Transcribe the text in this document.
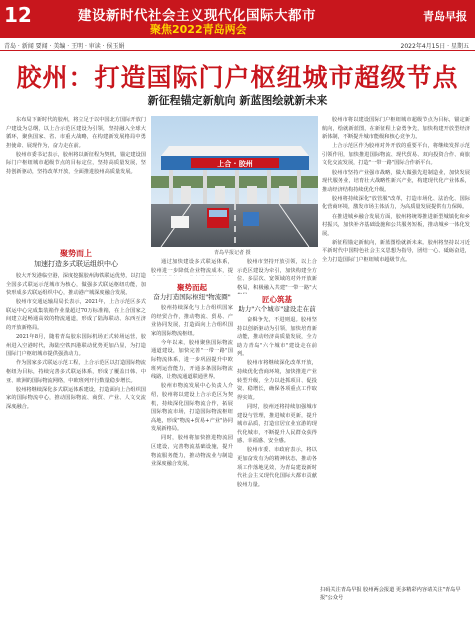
12	建设新时代社会主义现代化国际大都市
聚焦2022青岛两会
青岛早报
青岛 · 新闻 要闻 · 美编 · 王明 · 审读 · 侯玉娟	2022年4月15日 · 星期五
胶州：打造国际门户枢纽城市超级节点
新征程锚定新航向 新蓝图绘就新未来

东布局下新时代的胶州，将立足于以中国北方国际开放门户建设为总纲，以上合示范区建设为引领，坚持融入全球大循环，聚焦国家、省、市重大战略，在构建新发展格局中勇担使命、展现作为，奋力走在前。

胶州市委书记表示，胶州将以新征程为契机，锚定建设国际门户枢纽城市超级节点的目标定位，坚持高质量发展，坚持创新驱动，坚持改革开放，全面推进胶州高质量发展。

聚势而上
加速打造多式联运组织中心

胶大开发港临空港，深度挖掘胶州海铁联运优势，以打造全国多式联运示范城市为核心，做强多式联运枢纽功能，加快形成多式联运组织中心，推动港产城深度融合发展。

胶州市交通运输局局长表示，2021年，上合示范区多式联运中心完成集装箱作业量超过70万标准箱，在上合国家之间建立起畅通高效的物流通道，形成了陆海联动、东西互济的开放新格局。

2021年8月，随着青岛胶东国际机场正式转场运营，胶州进入空港时代，海陆空铁四港联动优势更加凸显，为打造国际门户枢纽城市提供强劲动力。

作为国家多式联运示范工程，上合示范区以打造国际物流枢纽为目标，持续完善多式联运体系，形成了覆盖日韩、中亚、欧洲的国际物流网络，中欧班列开行数量稳步增长。

胶州将继续深化多式联运体系建设，打造面向上合组织国家的国际物流中心，推动国际物流、商贸、产业、人文交流深度融合。

上合 · 胶州
青岛早报记者 摄

通过加快建设多式联运体系，胶州进一步降低企业物流成本，提

聚势而起
奋力打造国际枢纽"物流圈"

胶州持续深化与上合组织国家的经贸合作，推动物流、贸易、产业协同发展，打造面向上合组织国家的国际物流枢纽。

今年以来，胶州聚焦国际物流通道建设，加快完善"一带一路"国际物流体系，进一步巩固提升中欧班列运营能力，开通多条国际物流线路，让物流通道联通世界。

胶州市物流发展中心负责人介绍，胶州将以建设上合示范区为契机，持续深化国际物流合作，拓展国际物流市场，打造国际物流枢纽高地，形成"物流+贸易+产业"协同发展新格局。

同时，胶州将加快推进物流园区建设，完善物流基础设施，提升物流服务能力，推动物流业与制造业深度融合发展。

胶州市坚持开放引领，以上合示范区建设为牵引，加快构建全方位、多层次、宽领域的对外开放新格局，积极融入共建"一带一路"大

匠心筑基
助力"六个城市"建设走在前

奋楫争先，不进则退。胶州坚持以创新驱动为引领，加快培育新动能，推动经济高质量发展，全力助力青岛"六个城市"建设走在前列。

胶州市将继续深化改革开放，持续优化营商环境，加快推进产业转型升级，全力以赴抓项目、促投资、稳增长，确保各项重点工作取得实效。

同时，胶州还将持续加强城市建设与管理，推进城市更新，提升城市品质，打造宜居宜业宜游的现代化城市，不断提升人民群众获得感、幸福感、安全感。

胶州市委、市政府表示，将以更加奋发有为的精神状态，推动各项工作落地见效，为青岛建设新时代社会主义现代化国际大都市贡献胶州力量。

胶州市将以建设国际门户枢纽城市超级节点为目标，锚定新航向，绘就新蓝图，在新征程上奋勇争先，加快构建开放型经济新体制，不断提升城市能级和核心竞争力。

上合示范区作为胶州对外开放的重要平台，将继续发挥示范引领作用，加快推进国际物流、现代贸易、双向投资合作、商旅文化交流发展，打造"一带一路"国际合作新平台。

胶州市坚持产业强市战略，做大做强先进制造业，加快发展现代服务业，培育壮大战略性新兴产业，构建现代化产业体系，推动经济结构持续优化升级。

胶州将持续深化"放管服"改革，打造市场化、法治化、国际化营商环境，激发市场主体活力，为高质量发展提供有力保障。

在推进城乡融合发展方面，胶州将统筹推进新型城镇化和乡村振兴，加快补齐基础设施和公共服务短板，推动城乡一体化发展。

新征程锚定新航向，新蓝图绘就新未来。胶州将坚持以习近平新时代中国特色社会主义思想为指导，团结一心、砥砺奋进，全力打造国际门户枢纽城市超级节点。

扫码关注青岛早报 胶州两会报道 更多精彩内容请关注"青岛早报"公众号
